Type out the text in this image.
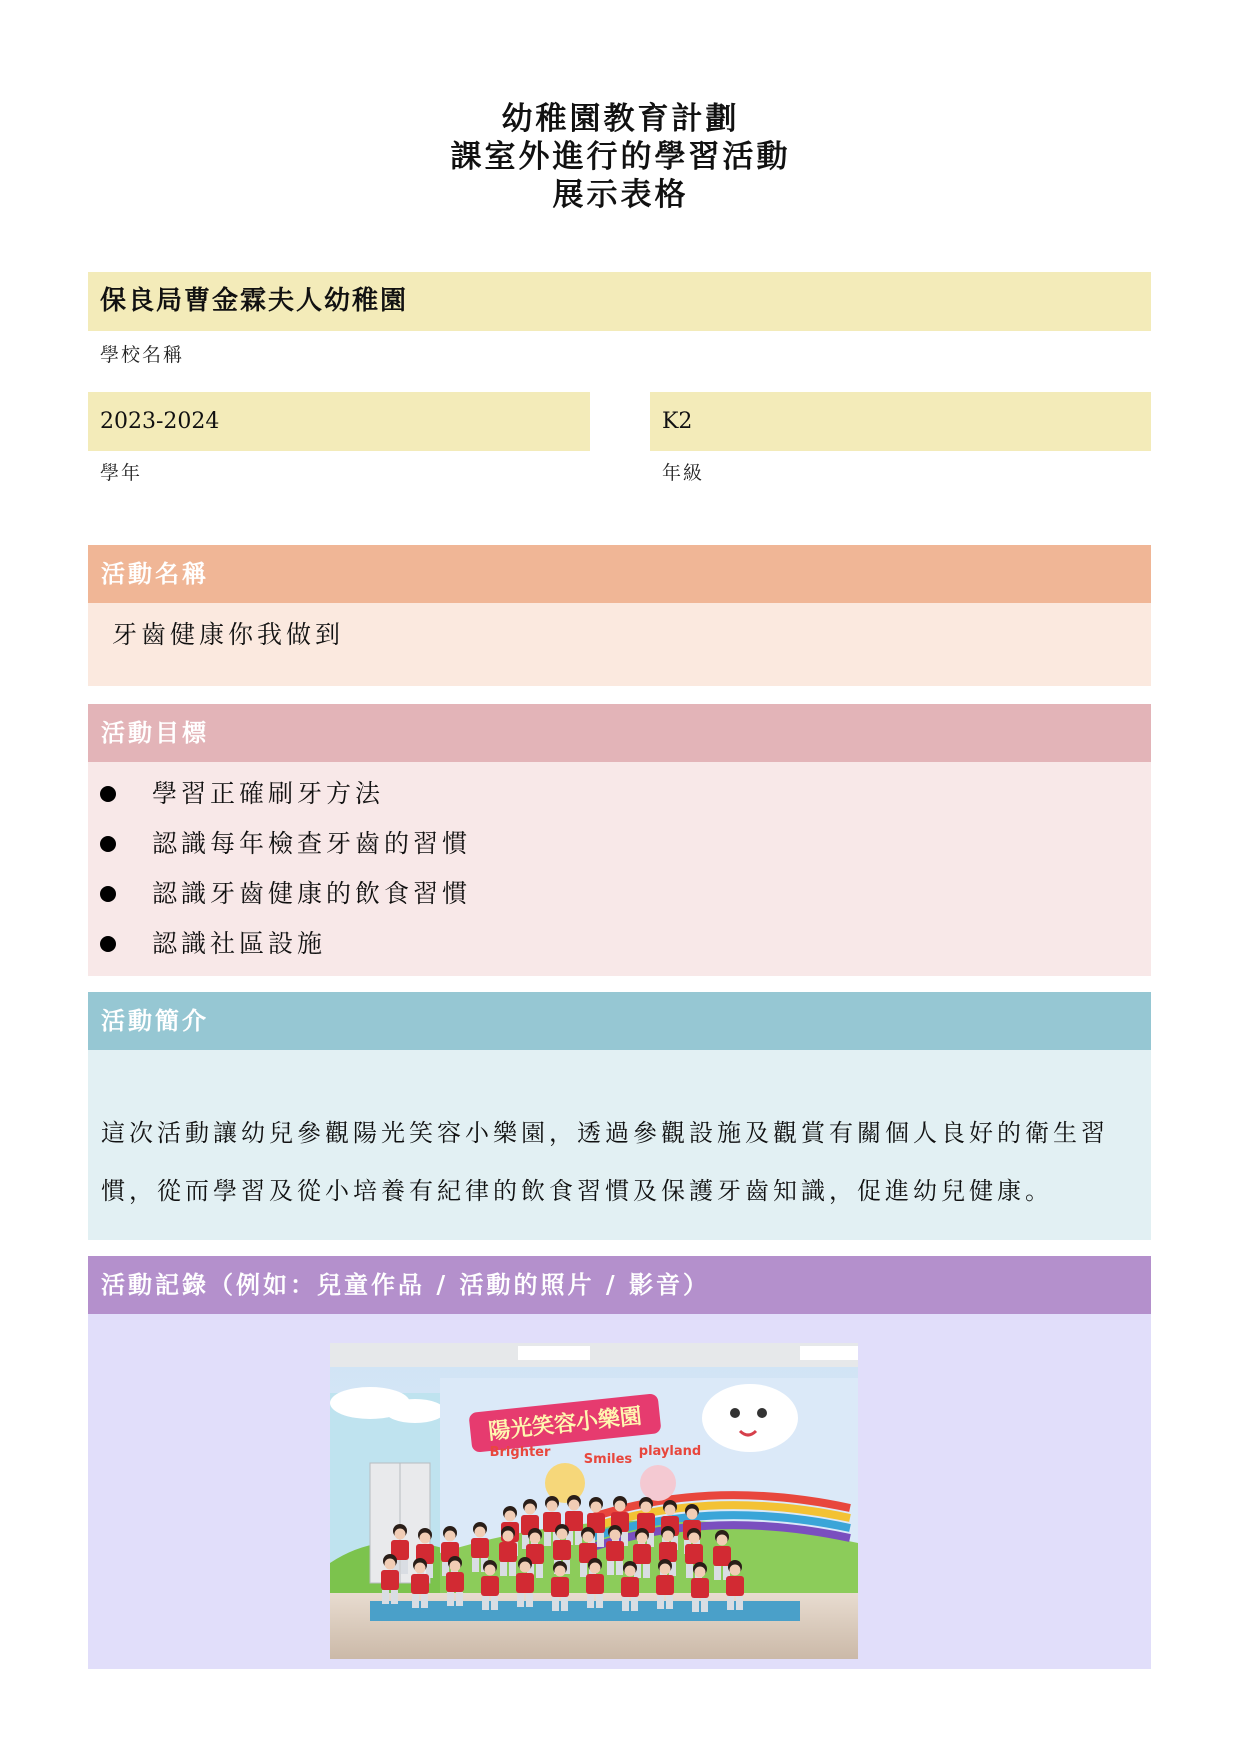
幼稚園教育計劃
課室外進行的學習活動
展示表格
保良局曹金霖夫人幼稚園
學校名稱
2023-2024
學年
K2
年級
活動名稱
牙齒健康你我做到
活動目標
學習正確刷牙方法
認識每年檢查牙齒的習慣
認識牙齒健康的飲食習慣
認識社區設施
活動簡介

這次活動讓幼兒參觀陽光笑容小樂園，透過參觀設施及觀賞有關個人良好的衛生習慣，從而學習及從小培養有紀律的飲食習慣及保護牙齒知識，促進幼兒健康。

活動記錄（例如：兒童作品 / 活動的照片 / 影音）
陽光笑容小樂園
Brighter	Smiles
playland
